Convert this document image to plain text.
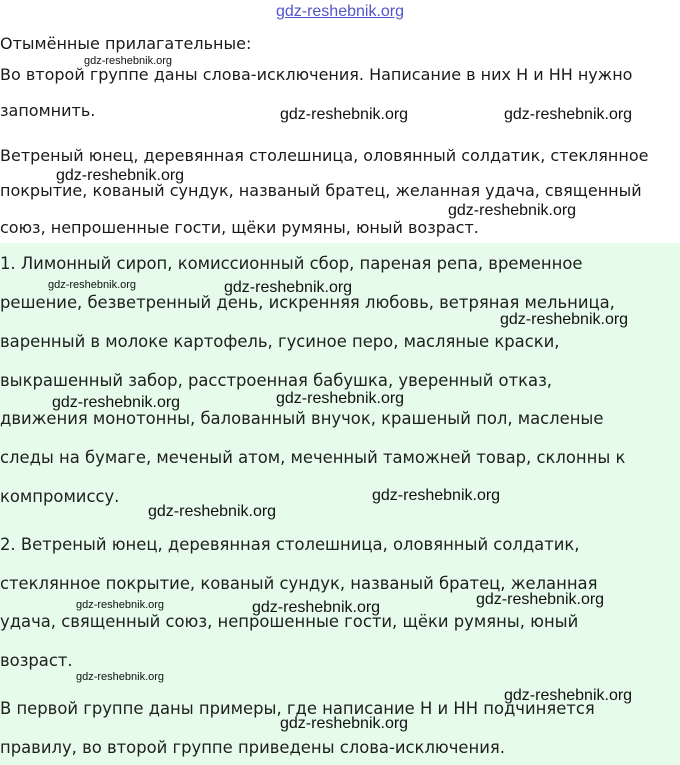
gdz-reshebnik.org
Отымённые прилагательные:
Во второй группе даны слова-исключения. Написание в них Н и НН нужно
запомнить.
Ветреный юнец, деревянная столешница, оловянный солдатик, стеклянное
покрытие, кованый сундук, названый братец, желанная удача, священный
союз, непрошенные гости, щёки румяны, юный возраст.
1. Лимонный сироп, комиссионный сбор, пареная репа, временное
решение, безветренный день, искренняя любовь, ветряная мельница,
варенный в молоке картофель, гусиное перо, масляные краски,
выкрашенный забор, расстроенная бабушка, уверенный отказ,
движения монотонны, балованный внучок, крашеный пол, масленые
следы на бумаге, меченый атом, меченный таможней товар, склонны к
компромиссу.
2. Ветреный юнец, деревянная столешница, оловянный солдатик,
стеклянное покрытие, кованый сундук, названый братец, желанная
удача, священный союз, непрошенные гости, щёки румяны, юный
возраст.
В первой группе даны примеры, где написание Н и НН подчиняется
правилу, во второй группе приведены слова-исключения.
gdz-reshebnik.org
gdz-reshebnik.org	gdz-reshebnik.org
gdz-reshebnik.org
gdz-reshebnik.org
gdz-reshebnik.org	gdz-reshebnik.org
gdz-reshebnik.org
gdz-reshebnik.org	gdz-reshebnik.org
gdz-reshebnik.org
gdz-reshebnik.org
gdz-reshebnik.org
gdz-reshebnik.org	gdz-reshebnik.org
gdz-reshebnik.org
gdz-reshebnik.org
gdz-reshebnik.org
